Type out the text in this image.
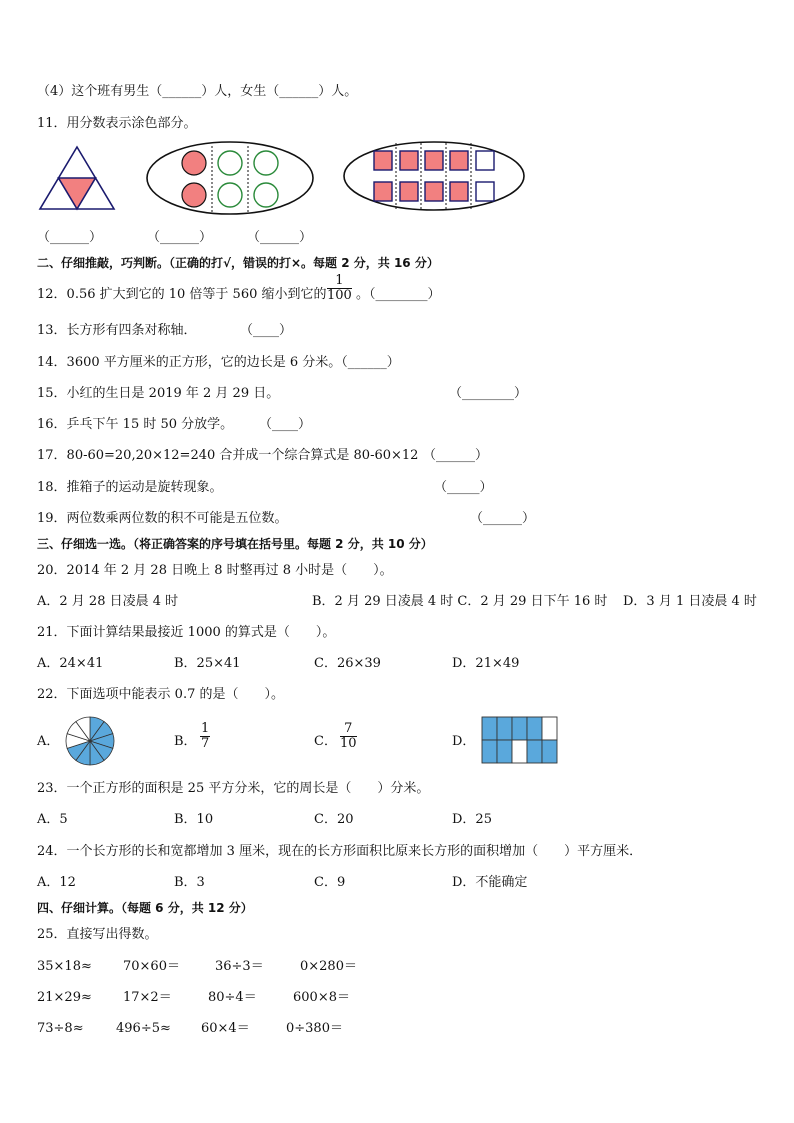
（4）这个班有男生（______）人，女生（______）人。
11．用分数表示涂色部分。
（______）	（______）	（______）
二、仔细推敲，巧判断。（正确的打√，错误的打×。每题 2 分，共 16 分）
12．0.56 扩大到它的 10 倍等于 560 缩小到它的 $\frac{1}{100}$ 。（________）
13．长方形有四条对称轴．	（____）
14．3600 平方厘米的正方形，它的边长是 6 分米。（______）
15．小红的生日是 2019 年 2 月 29 日。	（________）
16．乒乓下午 15 时 50 分放学。 （____）
17．80-60=20,20×12=240 合并成一个综合算式是 80-60×12 （______）
18．推箱子的运动是旋转现象。	（_____）
19．两位数乘两位数的积不可能是五位数。	（______）
三、仔细选一选。（将正确答案的序号填在括号里。每题 2 分，共 10 分）
20．2014 年 2 月 28 日晚上 8 时整再过 8 小时是（　　）。
A．2 月 28 日凌晨 4 时	B．2 月 29 日凌晨 4 时 C．2 月 29 日下午 16 时 D．3 月 1 日凌晨 4 时
21．下面计算结果最接近 1000 的算式是（　　）。
A．24×41	B．25×41	C．26×39	D．21×49
22．下面选项中能表示 0.7 的是（　　）。
A．	B． $\frac{1}{7}$	C． $\frac{7}{10}$	D．
23．一个正方形的面积是 25 平方分米，它的周长是（　　）分米。
A．5	B．10	C．20	D．25
24．一个长方形的长和宽都增加 3 厘米，现在的长方形面积比原来长方形的面积增加（　　）平方厘米．
A．12	B．3	C．9	D．不能确定
四、仔细计算。（每题 6 分，共 12 分）
25．直接写出得数。
35×18≈ 70×60＝	36÷3＝	0×280＝
21×29≈ 17×2＝	80÷4＝	600×8＝
73÷8≈ 496÷5≈ 60×4＝	0÷380＝
